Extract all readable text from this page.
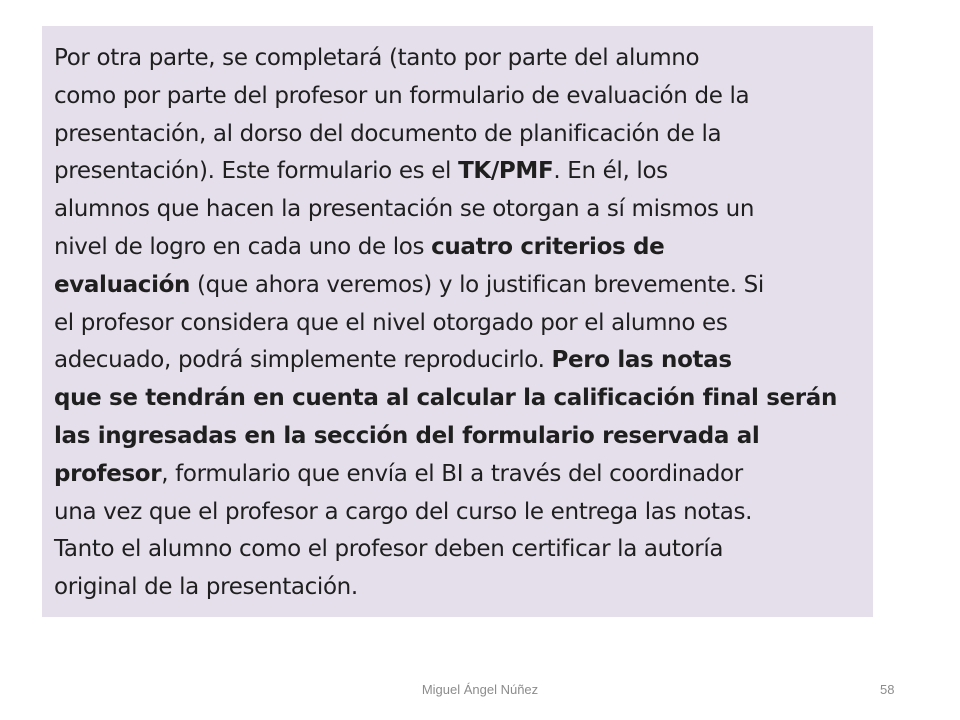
Por otra parte, se completará (tanto por parte del alumno
como por parte del profesor un formulario de evaluación de la
presentación, al dorso del documento de planificación de la
presentación). Este formulario es el TK/PMF. En él, los
alumnos que hacen la presentación se otorgan a sí mismos un
nivel de logro en cada uno de los cuatro criterios de
evaluación (que ahora veremos) y lo justifican brevemente. Si
el profesor considera que el nivel otorgado por el alumno es
adecuado, podrá simplemente reproducirlo. Pero las notas
que se tendrán en cuenta al calcular la calificación final serán
las ingresadas en la sección del formulario reservada al
profesor, formulario que envía el BI a través del coordinador
una vez que el profesor a cargo del curso le entrega las notas.
Tanto el alumno como el profesor deben certificar la autoría
original de la presentación.

Miguel Ángel Núñez	58
